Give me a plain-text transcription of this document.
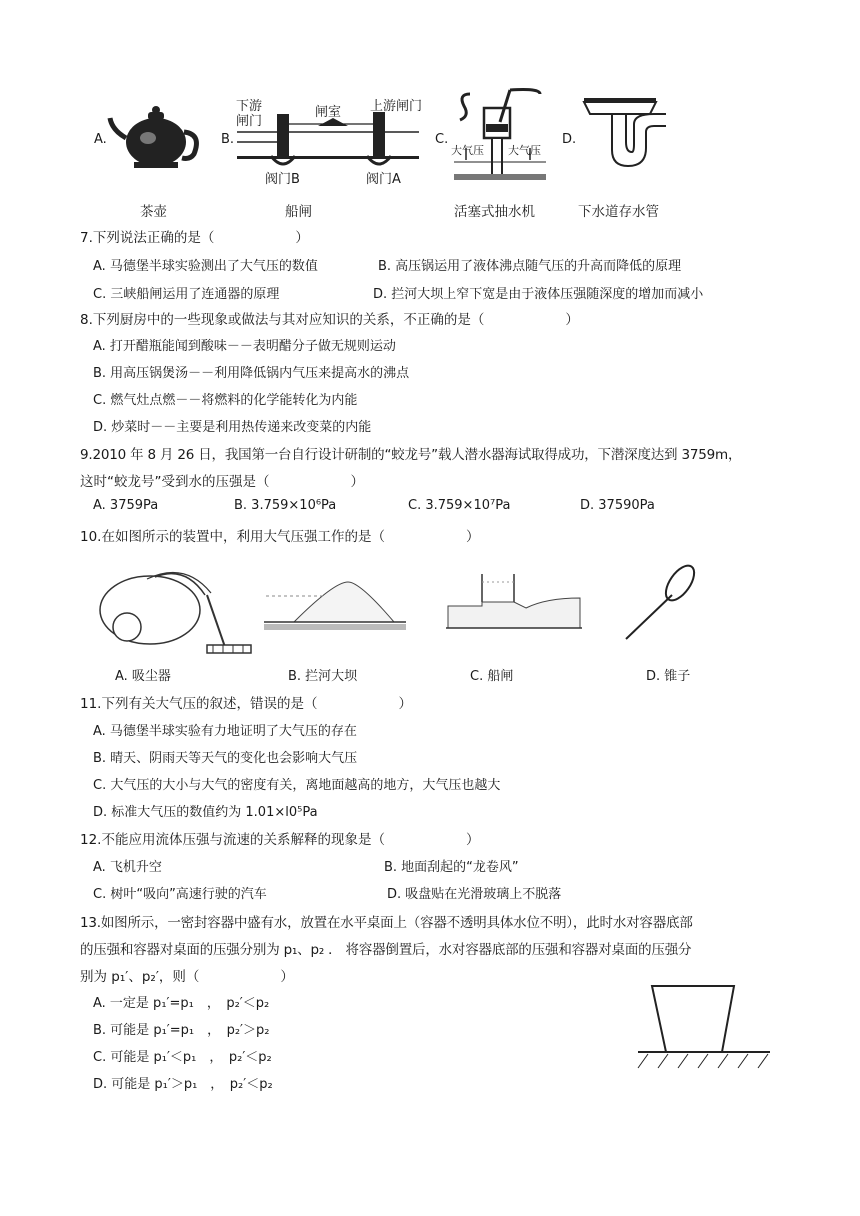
A.	B.
下游
闸门
闸室 上游闸门
阀门B	阀门A
C.
大气压 大气压
D.
茶壶	船闸	活塞式抽水机	下水道存水管
7.下列说法正确的是（　　　　　　）
A. 马德堡半球实验测出了大气压的数值	B. 高压锅运用了液体沸点随气压的升高而降低的原理
C. 三峡船闸运用了连通器的原理	D. 拦河大坝上窄下宽是由于液体压强随深度的增加而减小
8.下列厨房中的一些现象或做法与其对应知识的关系，不正确的是（　　　　　　）
A. 打开醋瓶能闻到酸味－－表明醋分子做无规则运动
B. 用高压锅煲汤－－利用降低锅内气压来提高水的沸点
C. 燃气灶点燃－－将燃料的化学能转化为内能
D. 炒菜时－－主要是利用热传递来改变菜的内能
9.2010 年 8 月 26 日，我国第一台自行设计研制的“蛟龙号”载人潜水器海试取得成功，下潜深度达到 3759m，
这时“蛟龙号”受到水的压强是（　　　　　　）
A. 3759Pa	B. 3.759×10⁶Pa	C. 3.759×10⁷Pa	D. 37590Pa
10.在如图所示的装置中，利用大气压强工作的是（　　　　　　）
A. 吸尘器	B. 拦河大坝	C. 船闸	D. 锥子
11.下列有关大气压的叙述，错误的是（　　　　　　）
A. 马德堡半球实验有力地证明了大气压的存在
B. 晴天、阴雨天等天气的变化也会影响大气压
C. 大气压的大小与大气的密度有关，离地面越高的地方，大气压也越大
D. 标准大气压的数值约为 1.01×l0⁵Pa
12.不能应用流体压强与流速的关系解释的现象是（　　　　　　）
A. 飞机升空	B. 地面刮起的“龙卷风”
C. 树叶“吸向”高速行驶的汽车	D. 吸盘贴在光滑玻璃上不脱落
13.如图所示，一密封容器中盛有水，放置在水平桌面上（容器不透明具体水位不明），此时水对容器底部
的压强和容器对桌面的压强分别为 p₁、p₂ ． 将容器倒置后，水对容器底部的压强和容器对桌面的压强分
别为 p₁′、p₂′，则（　　　　　　）
A. 一定是 p₁′=p₁　，　p₂′＜p₂
B. 可能是 p₁′=p₁　，　p₂′＞p₂
C. 可能是 p₁′＜p₁　，　p₂′＜p₂
D. 可能是 p₁′＞p₁　，　p₂′＜p₂
